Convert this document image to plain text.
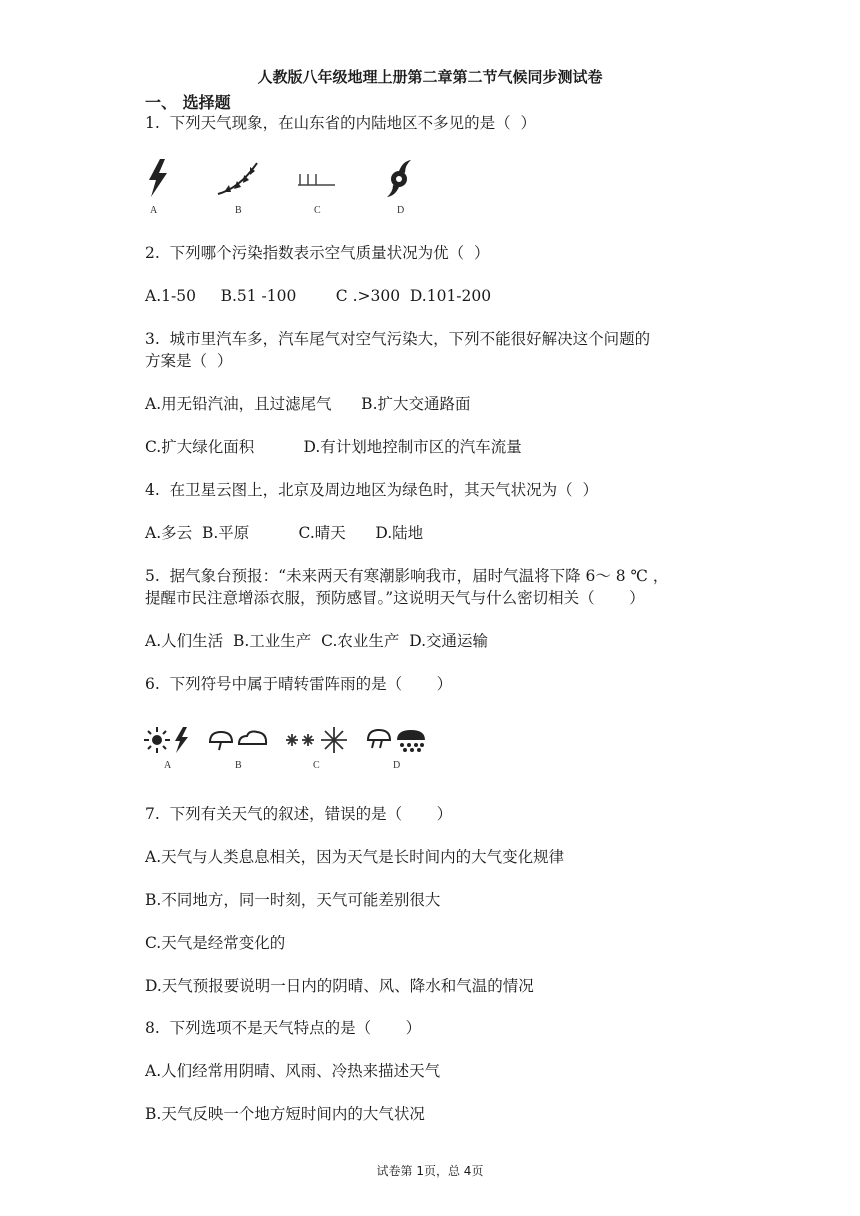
人教版八年级地理上册第二章第二节气候同步测试卷
一、 选择题
1.  下列天气现象，在山东省的内陆地区不多见的是（  ）
A	B	C	D
2.  下列哪个污染指数表示空气质量状况为优（  ）
A.1-50     B.51 -100        C .>300  D.101-200
3.  城市里汽车多，汽车尾气对空气污染大，下列不能很好解决这个问题的
方案是（  ）
A.用无铅汽油，且过滤尾气      B.扩大交通路面
C.扩大绿化面积          D.有计划地控制市区的汽车流量
4.  在卫星云图上，北京及周边地区为绿色时，其天气状况为（  ）
A.多云  B.平原          C.晴天      D.陆地
5.  据气象台预报：“未来两天有寒潮影响我市，届时气温将下降 6～ 8 ℃ ，
提醒市民注意增添衣服，预防感冒。”这说明天气与什么密切相关（       ）
A.人们生活  B.工业生产  C.农业生产  D.交通运输
6.  下列符号中属于晴转雷阵雨的是（       ）
A	B	C	D
7.  下列有关天气的叙述，错误的是（       ）
A.天气与人类息息相关，因为天气是长时间内的大气变化规律
B.不同地方，同一时刻，天气可能差别很大
C.天气是经常变化的
D.天气预报要说明一日内的阴晴、风、降水和气温的情况
8.  下列选项不是天气特点的是（       ）
A.人们经常用阴晴、风雨、冷热来描述天气
B.天气反映一个地方短时间内的大气状况
试卷第 1页，总 4页
